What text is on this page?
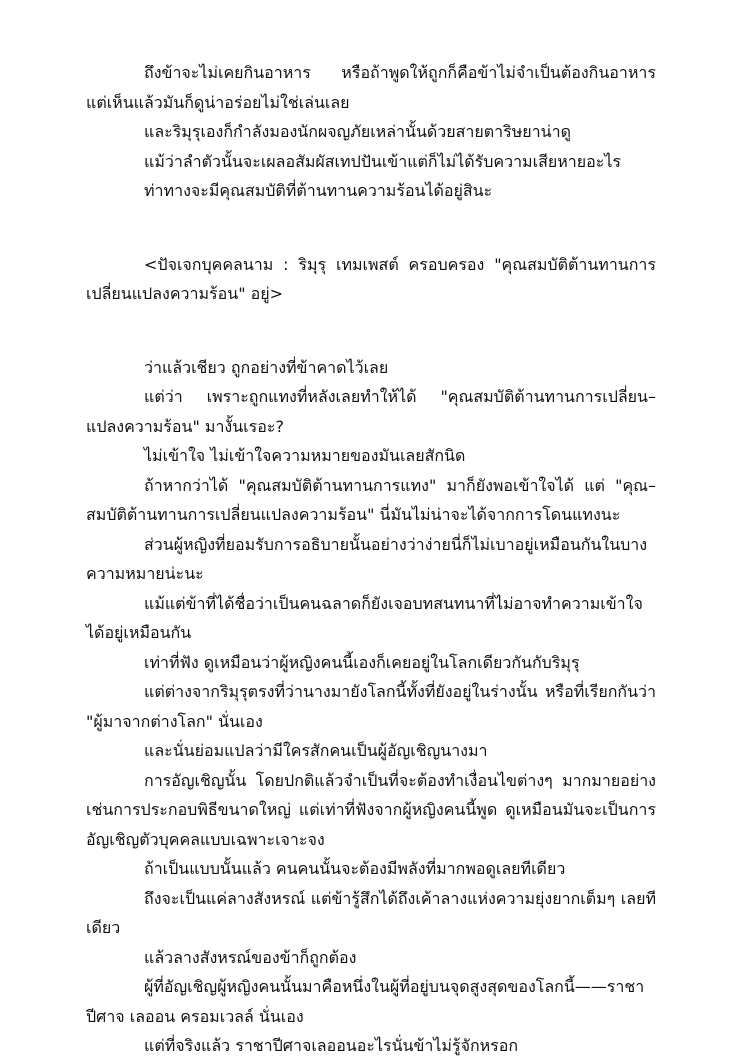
ถึงข้าจะไม่เคยกินอาหาร หรือถ้าพูดให้ถูกก็คือข้าไม่จำเป็นต้องกินอาหาร แต่เห็นแล้วมันก็ดูน่าอร่อยไม่ใช่เล่นเลย

และริมุรุเองก็กำลังมองนักผจญภัยเหล่านั้นด้วยสายตาริษยาน่าดู

แม้ว่าลำตัวนั้นจะเผลอสัมผัสเทปปันเข้าแต่ก็ไม่ได้รับความเสียหายอะไร

ท่าทางจะมีคุณสมบัติที่ต้านทานความร้อนได้อยู่สินะ

<ปัจเจกบุคคลนาม : ริมุรุ เทมเพสต์ ครอบครอง "คุณสมบัติต้านทานการเปลี่ยนแปลงความร้อน" อยู่>

ว่าแล้วเชียว ถูกอย่างที่ข้าคาดไว้เลย

แต่ว่า เพราะถูกแทงที่หลังเลยทำให้ได้ "คุณสมบัติต้านทานการเปลี่ยน–แปลงความร้อน" มางั้นเรอะ?

ไม่เข้าใจ ไม่เข้าใจความหมายของมันเลยสักนิด

ถ้าหากว่าได้ "คุณสมบัติต้านทานการแทง" มาก็ยังพอเข้าใจได้ แต่ "คุณ–สมบัติต้านทานการเปลี่ยนแปลงความร้อน" นี่มันไม่น่าจะได้จากการโดนแทงนะ

ส่วนผู้หญิงที่ยอมรับการอธิบายนั้นอย่างว่าง่ายนี่ก็ไม่เบาอยู่เหมือนกันในบางความหมายน่ะนะ

แม้แต่ข้าที่ได้ชื่อว่าเป็นคนฉลาดก็ยังเจอบทสนทนาที่ไม่อาจทำความเข้าใจได้อยู่เหมือนกัน

เท่าที่ฟัง ดูเหมือนว่าผู้หญิงคนนี้เองก็เคยอยู่ในโลกเดียวกันกับริมุรุ

แต่ต่างจากริมุรุตรงที่ว่านางมายังโลกนี้ทั้งที่ยังอยู่ในร่างนั้น หรือที่เรียกกันว่า "ผู้มาจากต่างโลก" นั่นเอง

และนั่นย่อมแปลว่ามีใครสักคนเป็นผู้อัญเชิญนางมา

การอัญเชิญนั้น โดยปกติแล้วจำเป็นที่จะต้องทำเงื่อนไขต่างๆ มากมายอย่างเช่นการประกอบพิธีขนาดใหญ่ แต่เท่าที่ฟังจากผู้หญิงคนนี้พูด ดูเหมือนมันจะเป็นการอัญเชิญตัวบุคคลแบบเฉพาะเจาะจง

ถ้าเป็นแบบนั้นแล้ว คนคนนั้นจะต้องมีพลังที่มากพอดูเลยทีเดียว

ถึงจะเป็นแค่ลางสังหรณ์ แต่ข้ารู้สึกได้ถึงเค้าลางแห่งความยุ่งยากเต็มๆ เลยทีเดียว

แล้วลางสังหรณ์ของข้าก็ถูกต้อง

ผู้ที่อัญเชิญผู้หญิงคนนั้นมาคือหนึ่งในผู้ที่อยู่บนจุดสูงสุดของโลกนี้——ราชาปีศาจ เลออน ครอมเวลล์ นั่นเอง

แต่ที่จริงแล้ว ราชาปีศาจเลออนอะไรนั่นข้าไม่รู้จักหรอก
